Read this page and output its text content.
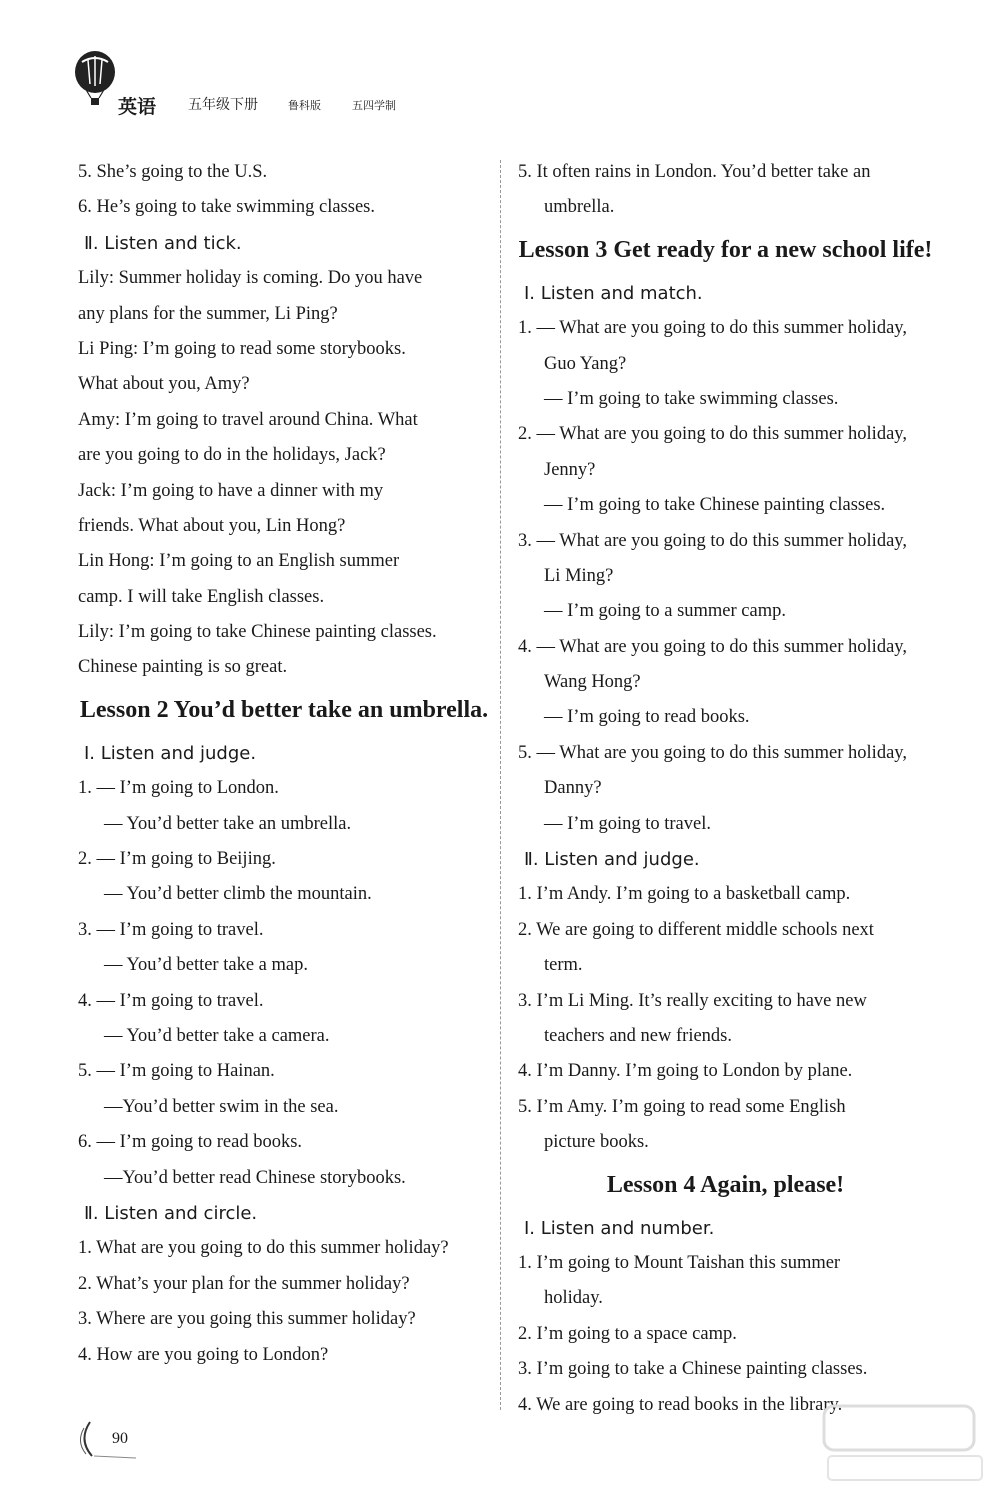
英语 五年级下册	鲁科版	五四学制
5. She’s going to the U.S.
6. He’s going to take swimming classes.
Ⅱ. Listen and tick.
Lily: Summer holiday is coming. Do you have
any plans for the summer, Li Ping?
Li Ping: I’m going to read some storybooks.
What about you, Amy?
Amy: I’m going to travel around China. What
are you going to do in the holidays, Jack?
Jack: I’m going to have a dinner with my
friends. What about you, Lin Hong?
Lin Hong: I’m going to an English summer
camp. I will take English classes.
Lily: I’m going to take Chinese painting classes.
Chinese painting is so great.
Lesson 2 You’d better take an umbrella.
Ⅰ. Listen and judge.
1. — I’m going to London.
— You’d better take an umbrella.
2. — I’m going to Beijing.
— You’d better climb the mountain.
3. — I’m going to travel.
— You’d better take a map.
4. — I’m going to travel.
— You’d better take a camera.
5. — I’m going to Hainan.
—You’d better swim in the sea.
6. — I’m going to read books.
—You’d better read Chinese storybooks.
Ⅱ. Listen and circle.
1. What are you going to do this summer holiday?
2. What’s your plan for the summer holiday?
3. Where are you going this summer holiday?
4. How are you going to London?
5. It often rains in London. You’d better take an
umbrella.
Lesson 3 Get ready for a new school life!
Ⅰ. Listen and match.
1. — What are you going to do this summer holiday,
Guo Yang?
— I’m going to take swimming classes.
2. — What are you going to do this summer holiday,
Jenny?
— I’m going to take Chinese painting classes.
3. — What are you going to do this summer holiday,
Li Ming?
— I’m going to a summer camp.
4. — What are you going to do this summer holiday,
Wang Hong?
— I’m going to read books.
5. — What are you going to do this summer holiday,
Danny?
— I’m going to travel.
Ⅱ. Listen and judge.
1. I’m Andy. I’m going to a basketball camp.
2. We are going to different middle schools next
term.
3. I’m Li Ming. It’s really exciting to have new
teachers and new friends.
4. I’m Danny. I’m going to London by plane.
5. I’m Amy. I’m going to read some English
picture books.
Lesson 4 Again, please!
Ⅰ. Listen and number.
1. I’m going to Mount Taishan this summer
holiday.
2. I’m going to a space camp.
3. I’m going to take a Chinese painting classes.
4. We are going to read books in the library.
90
